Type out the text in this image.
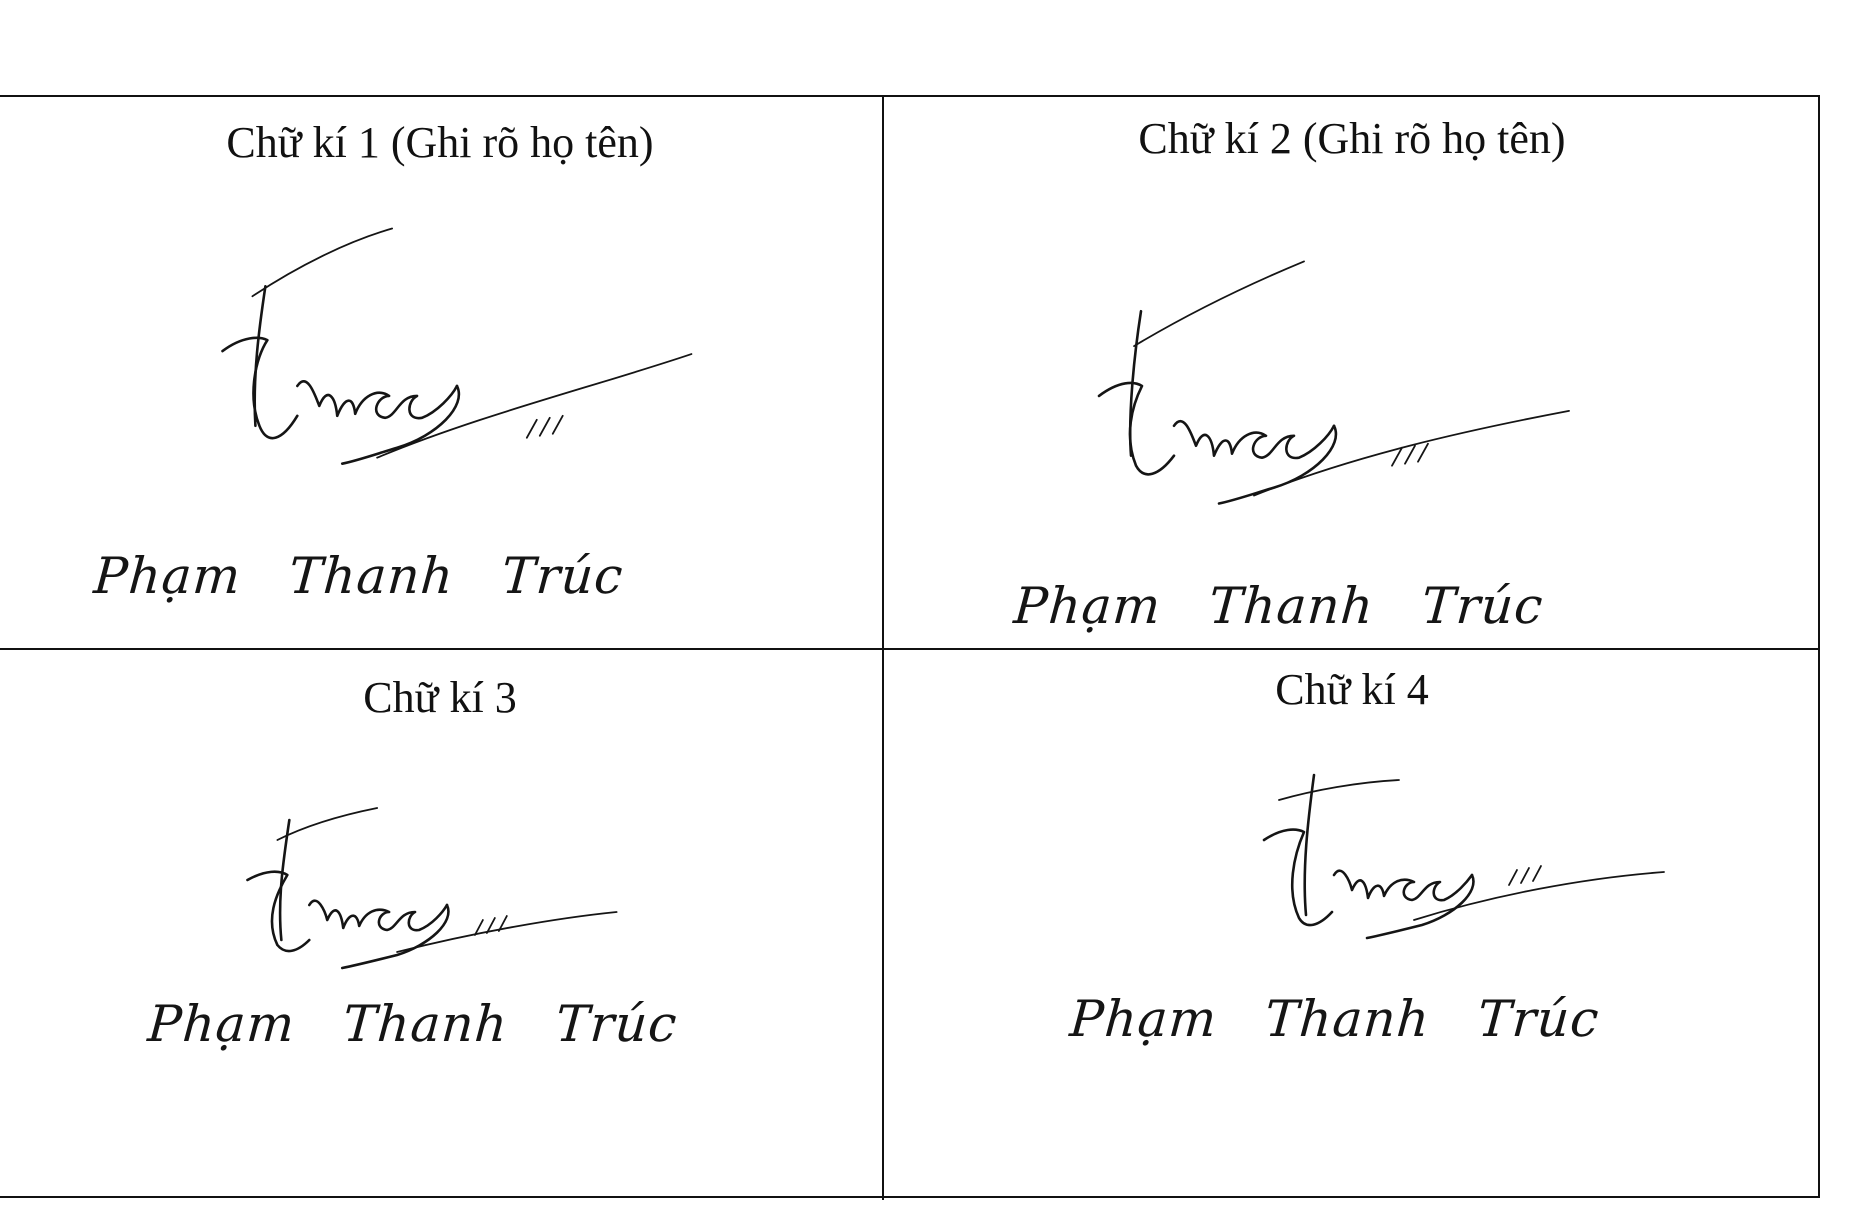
Chữ kí 1 (Ghi rõ họ tên)
Phạm Thanh Trúc
Chữ kí 2 (Ghi rõ họ tên)
Phạm Thanh Trúc
Chữ kí 3
Phạm Thanh Trúc
Chữ kí 4
Phạm Thanh Trúc
